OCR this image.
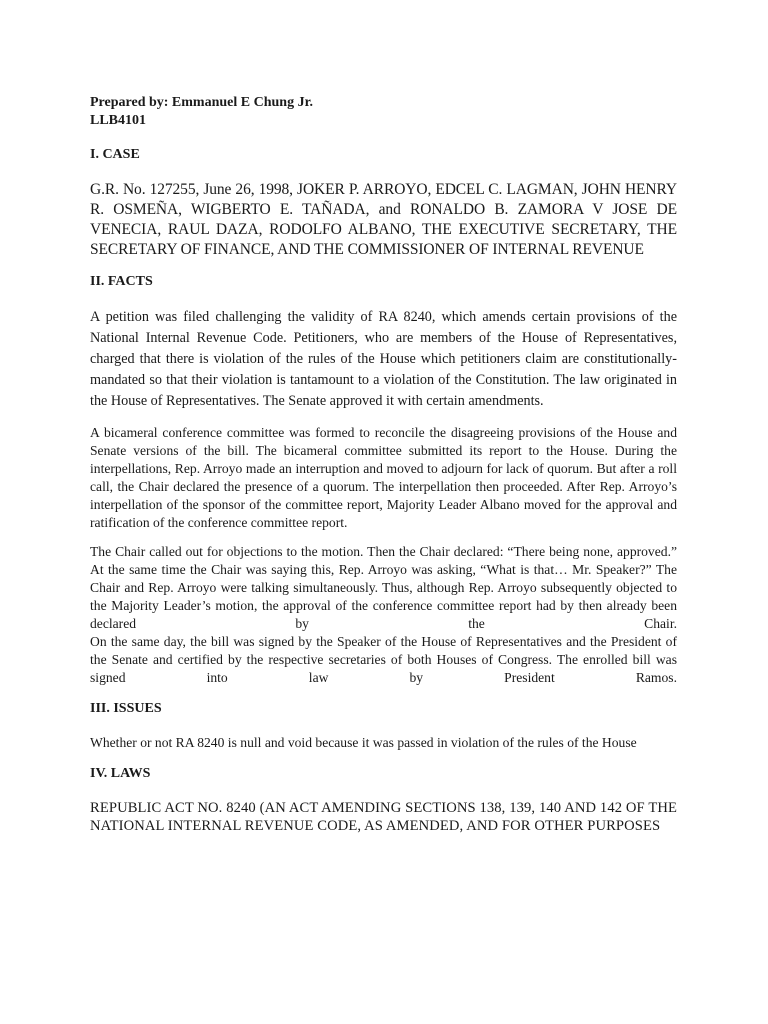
Prepared by: Emmanuel E Chung Jr.

LLB4101

I. CASE

G.R. No. 127255, June 26, 1998, JOKER P. ARROYO, EDCEL C. LAGMAN, JOHN HENRY R. OSMEÑA, WIGBERTO E. TAÑADA, and RONALDO B. ZAMORA V JOSE DE VENECIA, RAUL DAZA, RODOLFO ALBANO, THE EXECUTIVE SECRETARY, THE SECRETARY OF FINANCE, AND THE COMMISSIONER OF INTERNAL REVENUE

II. FACTS

A petition was filed challenging the validity of RA 8240, which amends certain provisions of the National Internal Revenue Code. Petitioners, who are members of the House of Representatives, charged that there is violation of the rules of the House which petitioners claim are constitutionally-mandated so that their violation is tantamount to a violation of the Constitution. The law originated in the House of Representatives. The Senate approved it with certain amendments.

A bicameral conference committee was formed to reconcile the disagreeing provisions of the House and Senate versions of the bill. The bicameral committee submitted its report to the House. During the interpellations, Rep. Arroyo made an interruption and moved to adjourn for lack of quorum. But after a roll call, the Chair declared the presence of a quorum. The interpellation then proceeded. After Rep. Arroyo’s interpellation of the sponsor of the committee report, Majority Leader Albano moved for the approval and ratification of the conference committee report.

The Chair called out for objections to the motion. Then the Chair declared: “There being none, approved.” At the same time the Chair was saying this, Rep. Arroyo was asking, “What is that… Mr. Speaker?” The Chair and Rep. Arroyo were talking simultaneously. Thus, although Rep. Arroyo subsequently objected to the Majority Leader’s motion, the approval of the conference committee report had by then already been declared by the Chair.

On the same day, the bill was signed by the Speaker of the House of Representatives and the President of the Senate and certified by the respective secretaries of both Houses of Congress. The enrolled bill was signed into law by President Ramos.

III. ISSUES

Whether or not RA 8240 is null and void because it was passed in violation of the rules of the House

IV. LAWS

REPUBLIC ACT NO. 8240 (AN ACT AMENDING SECTIONS 138, 139, 140 AND 142 OF THE NATIONAL INTERNAL REVENUE CODE, AS AMENDED, AND FOR OTHER PURPOSES
